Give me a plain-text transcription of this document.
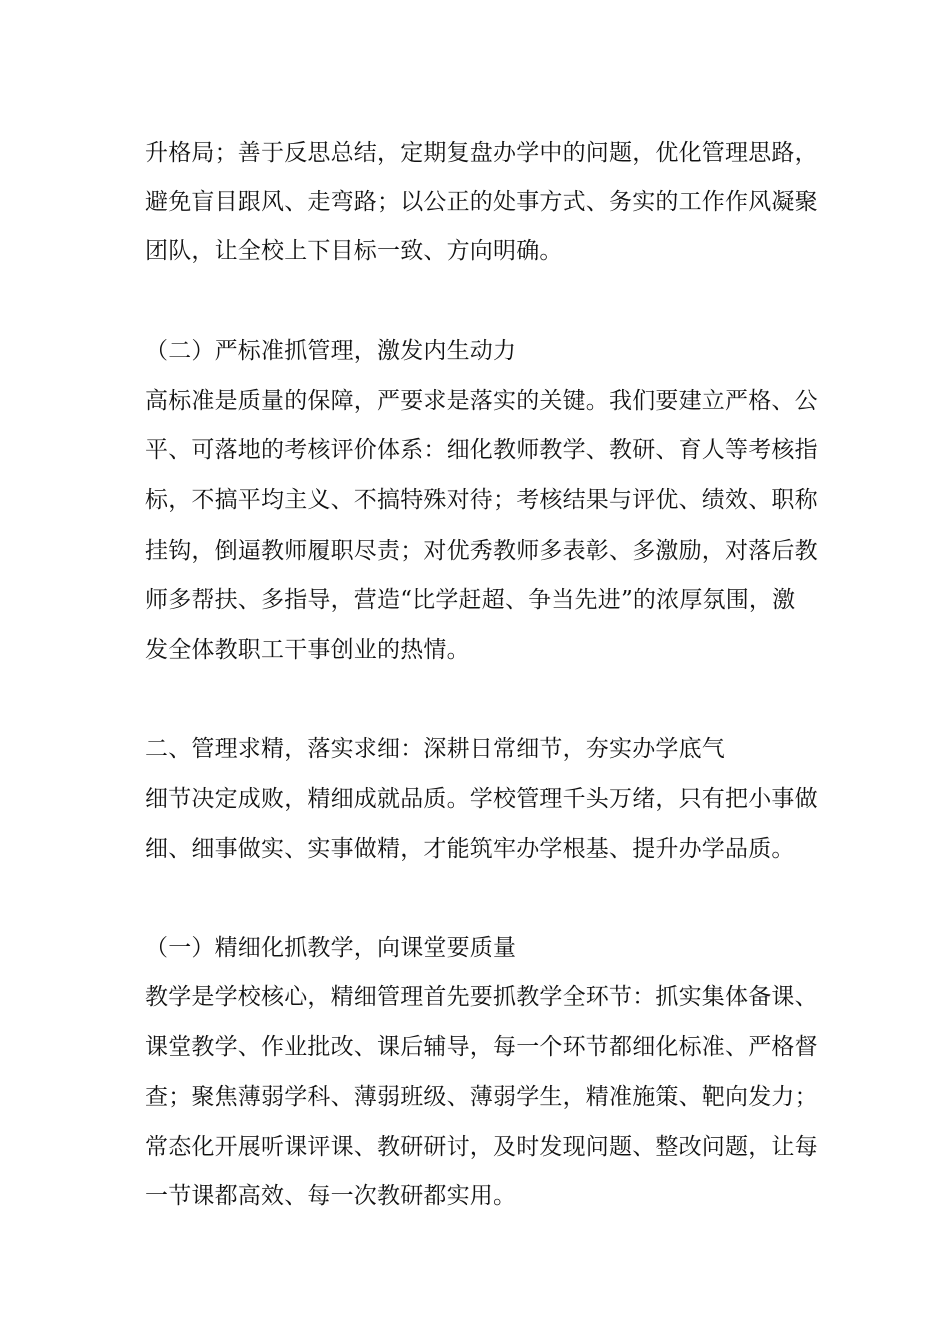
升格局；善于反思总结，定期复盘办学中的问题，优化管理思路，
避免盲目跟风、走弯路；以公正的处事方式、务实的工作作风凝聚
团队，让全校上下目标一致、方向明确。
（二）严标准抓管理，激发内生动力
高标准是质量的保障，严要求是落实的关键。我们要建立严格、公
平、可落地的考核评价体系：细化教师教学、教研、育人等考核指
标，不搞平均主义、不搞特殊对待；考核结果与评优、绩效、职称
挂钩，倒逼教师履职尽责；对优秀教师多表彰、多激励，对落后教
师多帮扶、多指导，营造“比学赶超、争当先进”的浓厚氛围，激
发全体教职工干事创业的热情。
二、管理求精，落实求细：深耕日常细节，夯实办学底气
细节决定成败，精细成就品质。学校管理千头万绪，只有把小事做
细、细事做实、实事做精，才能筑牢办学根基、提升办学品质。
（一）精细化抓教学，向课堂要质量
教学是学校核心，精细管理首先要抓教学全环节：抓实集体备课、
课堂教学、作业批改、课后辅导，每一个环节都细化标准、严格督
查；聚焦薄弱学科、薄弱班级、薄弱学生，精准施策、靶向发力；
常态化开展听课评课、教研研讨，及时发现问题、整改问题，让每
一节课都高效、每一次教研都实用。
